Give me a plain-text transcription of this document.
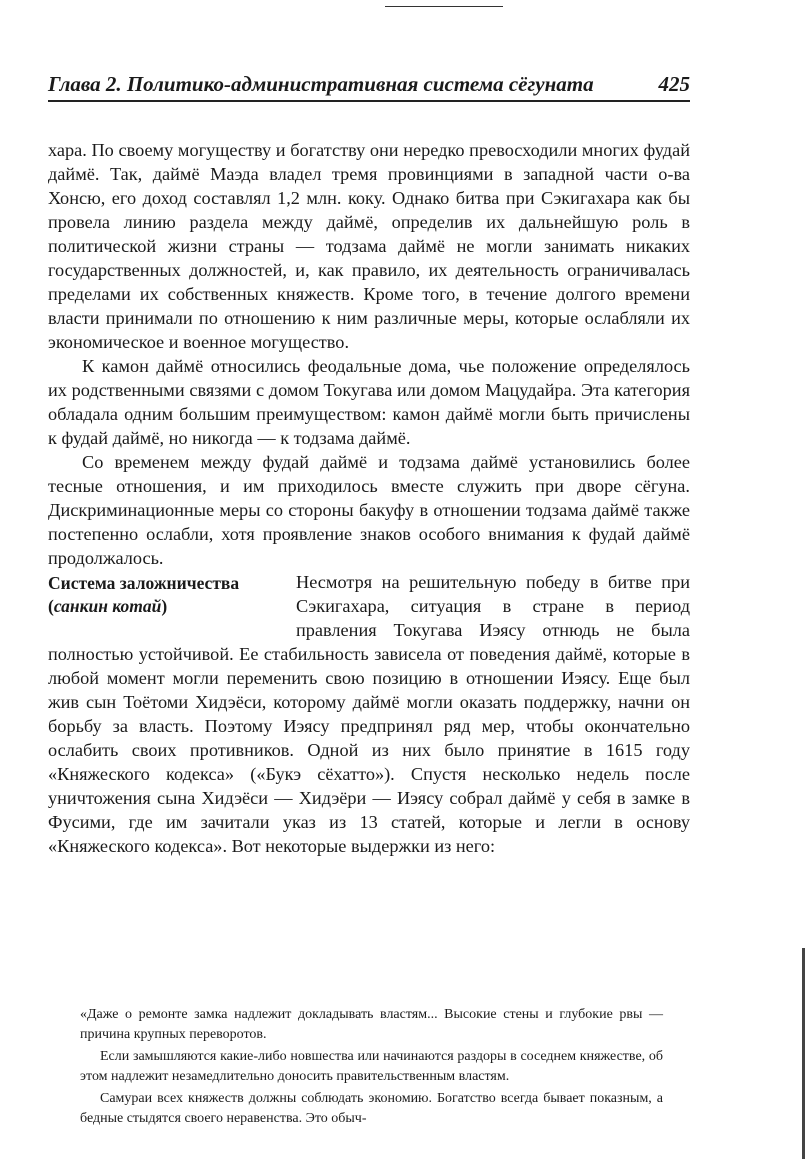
Глава 2. Политико-административная система сёгуната	425

хара. По своему могуществу и богатству они нередко превосходили многих фудай даймё. Так, даймё Маэда владел тремя провинциями в западной части о-ва Хонсю, его доход составлял 1,2 млн. коку. Однако битва при Сэкигахара как бы провела линию раздела между даймё, определив их дальнейшую роль в политической жизни страны — тодзама даймё не могли занимать никаких государственных должностей, и, как правило, их деятельность ограничивалась пределами их собственных княжеств. Кроме того, в течение долгого времени власти принимали по отношению к ним различные меры, которые ослабляли их экономическое и военное могущество.

К камон даймё относились феодальные дома, чье положение определялось их родственными связями с домом Токугава или домом Мацудайра. Эта категория обладала одним большим преимуществом: камон даймё могли быть причислены к фудай даймё, но никогда — к тодзама даймё.

Со временем между фудай даймё и тодзама даймё установились более тесные отношения, и им приходилось вместе служить при дворе сёгуна. Дискриминационные меры со стороны бакуфу в отношении тодзама даймё также постепенно ослабли, хотя проявление знаков особого внимания к фудай даймё продолжалось.

Система заложничества (санкин котай)

Несмотря на решительную победу в битве при Сэкигахара, ситуация в стране в период правления Токугава Иэясу отнюдь не была полностью устойчивой. Ее стабильность зависела от поведения даймё, которые в любой момент могли переменить свою позицию в отношении Иэясу. Еще был жив сын Тоётоми Хидэёси, которому даймё могли оказать поддержку, начни он борьбу за власть. Поэтому Иэясу предпринял ряд мер, чтобы окончательно ослабить своих противников. Одной из них было принятие в 1615 году «Княжеского кодекса» («Букэ сёхатто»). Спустя несколько недель после уничтожения сына Хидэёси — Хидэёри — Иэясу собрал даймё у себя в замке в Фусими, где им зачитали указ из 13 статей, которые и легли в основу «Княжеского кодекса». Вот некоторые выдержки из него:

«Даже о ремонте замка надлежит докладывать властям... Высокие стены и глубокие рвы — причина крупных переворотов.

Если замышляются какие-либо новшества или начинаются раздоры в соседнем княжестве, об этом надлежит незамедлительно доносить правительственным властям.

Самураи всех княжеств должны соблюдать экономию. Богатство всегда бывает показным, а бедные стыдятся своего неравенства. Это обыч-
